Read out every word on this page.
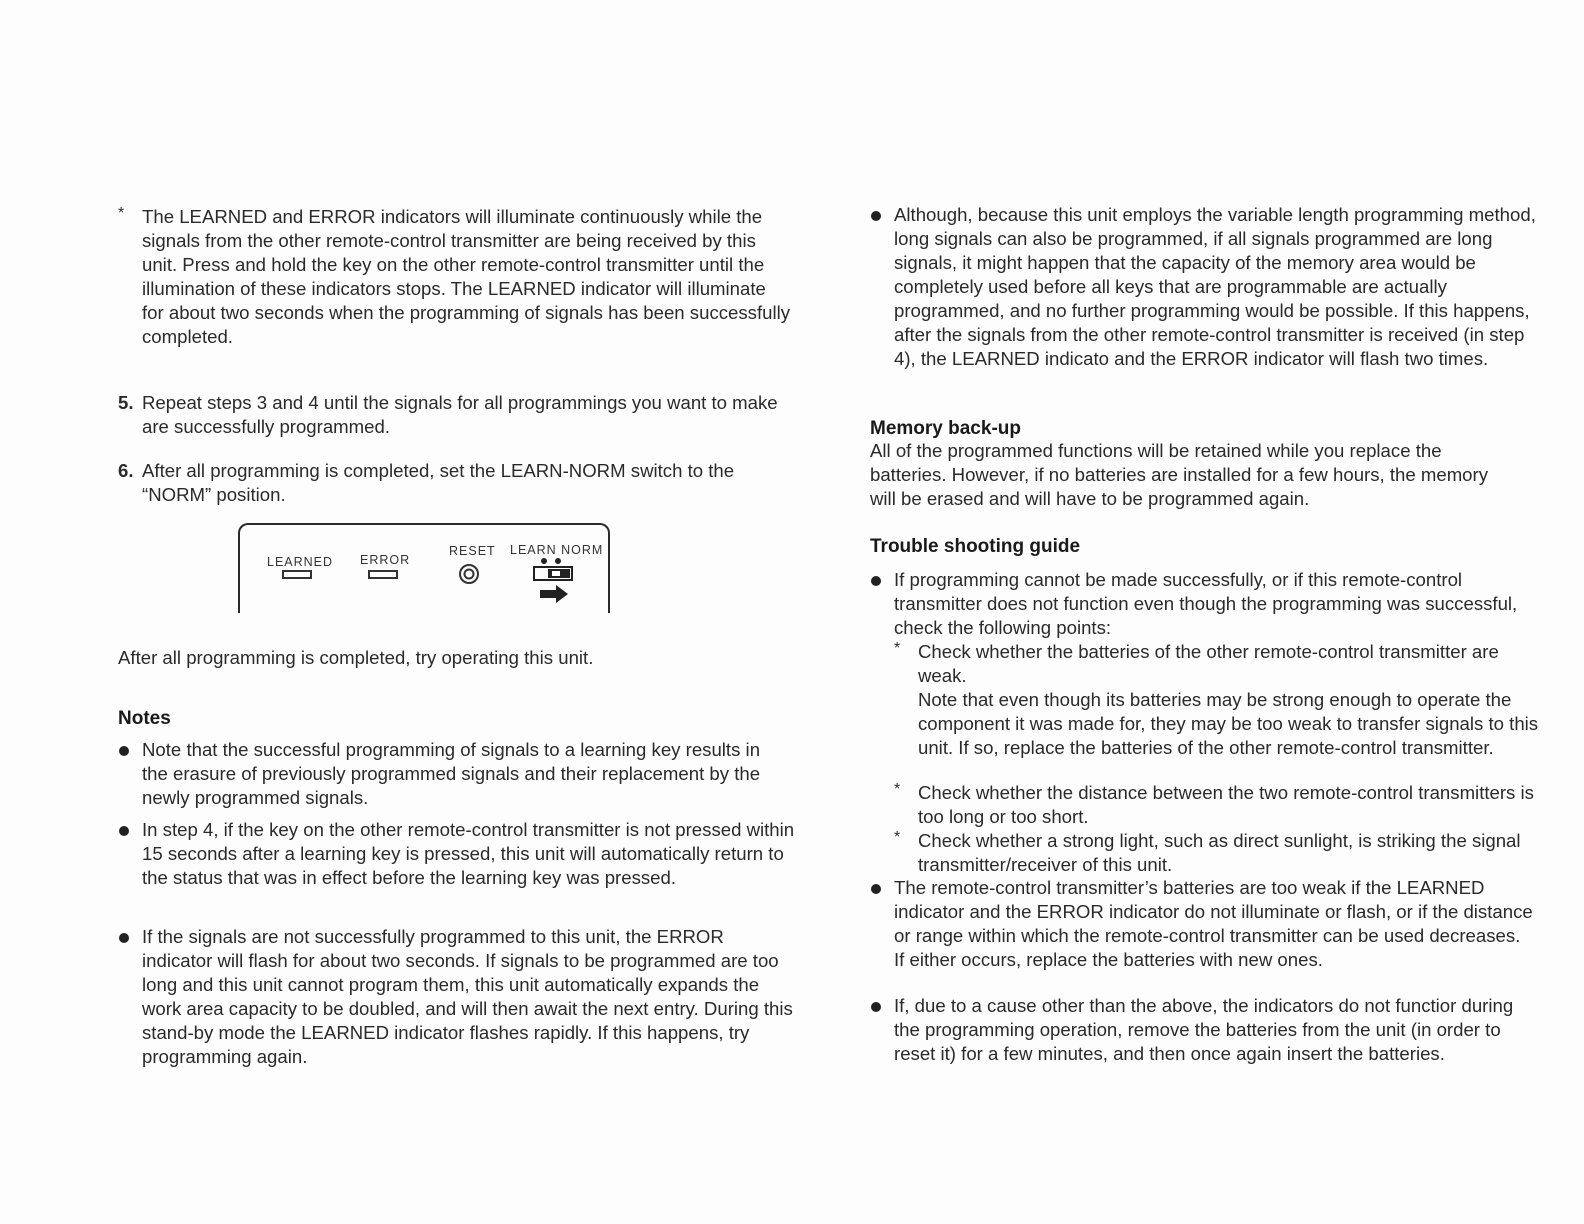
* The LEARNED and ERROR indicators will illuminate continuously while the signals from the other remote-control transmitter are being received by this unit. Press and hold the key on the other remote-control transmitter until the illumination of these indicators stops. The LEARNED indicator will illuminate for about two seconds when the programming of signals has been successfully completed.

5. Repeat steps 3 and 4 until the signals for all programmings you want to make are successfully programmed.

6. After all programming is completed, set the LEARN-NORM switch to the “NORM” position.

After all programming is completed, try operating this unit.

Notes

Note that the successful programming of signals to a learning key results in the erasure of previously programmed signals and their replacement by the newly programmed signals.

In step 4, if the key on the other remote-control transmitter is not pressed within 15 seconds after a learning key is pressed, this unit will automatically return to the status that was in effect before the learning key was pressed.

If the signals are not successfully programmed to this unit, the ERROR indicator will flash for about two seconds. If signals to be programmed are too long and this unit cannot program them, this unit automatically expands the work area capacity to be doubled, and will then await the next entry. During this stand-by mode the LEARNED indicator flashes rapidly. If this happens, try programming again.

LEARNED ERROR
RESET LEARN NORM

Although, because this unit employs the variable length programming method, long signals can also be programmed, if all signals programmed are long signals, it might happen that the capacity of the memory area would be completely used before all keys that are programmable are actually programmed, and no further programming would be possible. If this happens, after the signals from the other remote-control transmitter is received (in step 4), the LEARNED indicato and the ERROR indicator will flash two times.

Memory back-up

All of the programmed functions will be retained while you replace the batteries. However, if no batteries are installed for a few hours, the memory will be erased and will have to be programmed again.

Trouble shooting guide

If programming cannot be made successfully, or if this remote-control transmitter does not function even though the programming was successful, check the following points:

* Check whether the batteries of the other remote-control transmitter are weak.

Note that even though its batteries may be strong enough to operate the component it was made for, they may be too weak to transfer signals to this unit. If so, replace the batteries of the other remote-control transmitter.

* Check whether the distance between the two remote-control transmitters is too long or too short.

* Check whether a strong light, such as direct sunlight, is striking the signal transmitter/receiver of this unit.

The remote-control transmitter’s batteries are too weak if the LEARNED indicator and the ERROR indicator do not illuminate or flash, or if the distance or range within which the remote-control transmitter can be used decreases.

If either occurs, replace the batteries with new ones.

If, due to a cause other than the above, the indicators do not functior during the programming operation, remove the batteries from the unit (in order to reset it) for a few minutes, and then once again insert the batteries.
